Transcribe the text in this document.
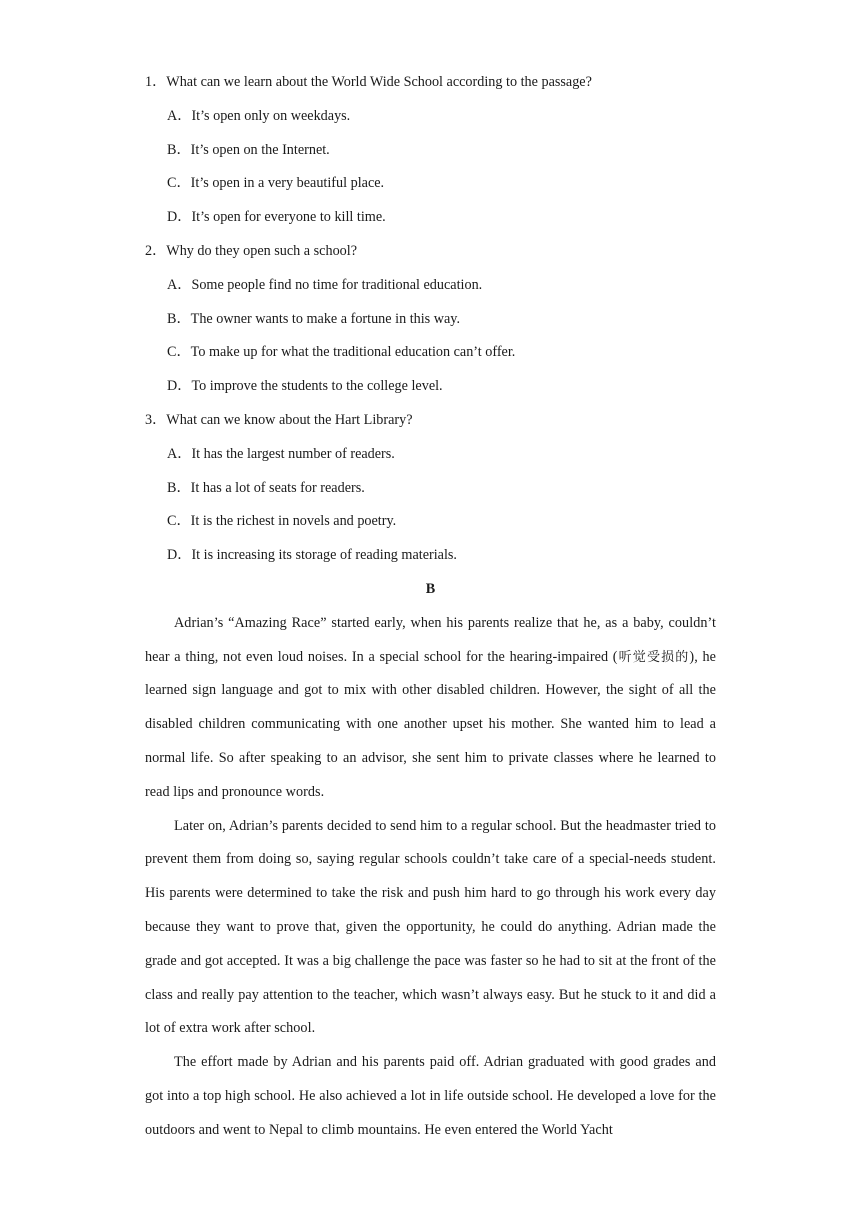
1．What can we learn about the World Wide School according to the passage?
A．It’s open only on weekdays.
B．It’s open on the Internet.
C．It’s open in a very beautiful place.
D．It’s open for everyone to kill time.
2．Why do they open such a school?
A．Some people find no time for traditional education.
B．The owner wants to make a fortune in this way.
C．To make up for what the traditional education can’t offer.
D．To improve the students to the college level.
3．What can we know about the Hart Library?
A．It has the largest number of readers.
B．It has a lot of seats for readers.
C．It is the richest in novels and poetry.
D．It is increasing its storage of reading materials.
B

Adrian’s “Amazing Race” started early, when his parents realize that he, as a baby, couldn’t hear a thing, not even loud noises. In a special school for the hearing-impaired (听觉受损的), he learned sign language and got to mix with other disabled children. However, the sight of all the disabled children communicating with one another upset his mother. She wanted him to lead a normal life. So after speaking to an advisor, she sent him to private classes where he learned to read lips and pronounce words.

Later on, Adrian’s parents decided to send him to a regular school. But the headmaster tried to prevent them from doing so, saying regular schools couldn’t take care of a special-needs student. His parents were determined to take the risk and push him hard to go through his work every day because they want to prove that, given the opportunity, he could do anything. Adrian made the grade and got accepted. It was a big challenge the pace was faster so he had to sit at the front of the class and really pay attention to the teacher, which wasn’t always easy. But he stuck to it and did a lot of extra work after school.

The effort made by Adrian and his parents paid off. Adrian graduated with good grades and got into a top high school. He also achieved a lot in life outside school. He developed a love for the outdoors and went to Nepal to climb mountains. He even entered the World Yacht
